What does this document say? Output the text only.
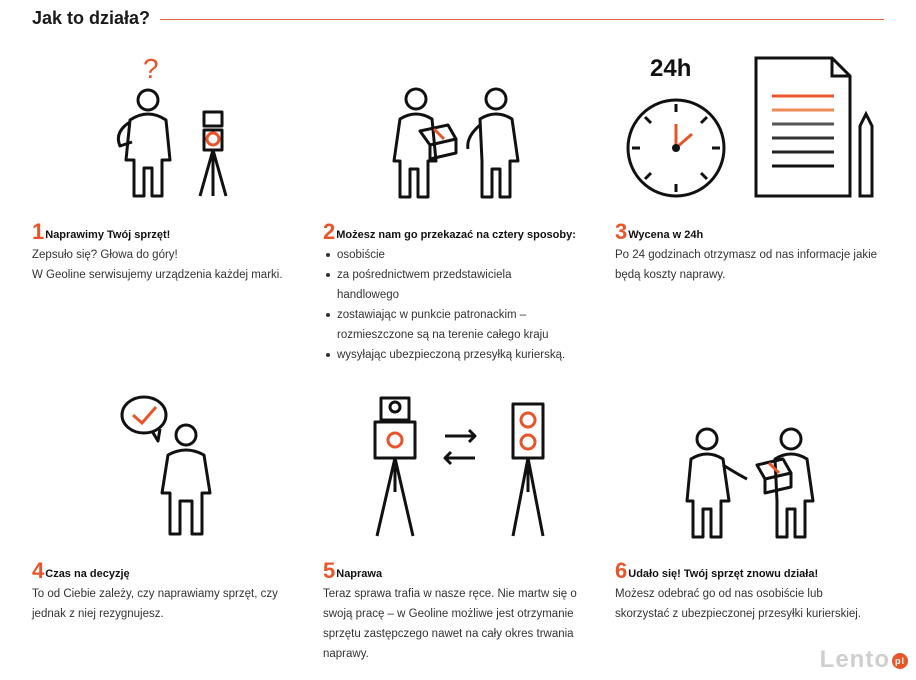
Jak to działa?
?	24h
1 Naprawimy Twój sprzęt!

Zepsuło się? Głowa do góry!
W Geoline serwisujemy urządzenia każdej marki.

2 Możesz nam go przekazać na cztery sposoby:
osobiście
za pośrednictwem przedstawiciela handlowego
zostawiając w punkcie patronackim – rozmieszczone są na terenie całego kraju
wysyłając ubezpieczoną przesyłką kurierską.
3 Wycena w 24h

Po 24 godzinach otrzymasz od nas informacje jakie będą koszty naprawy.

4 Czas na decyzję

To od Ciebie zależy, czy naprawiamy sprzęt, czy jednak z niej rezygnujesz.

5 Naprawa

Teraz sprawa trafia w nasze ręce. Nie martw się o swoją pracę – w Geoline możliwe jest otrzymanie sprzętu zastępczego nawet na cały okres trwania naprawy.

6 Udało się! Twój sprzęt znowu działa!

Możesz odebrać go od nas osobiście lub skorzystać z ubezpieczonej przesyłki kurierskiej.

Lento pl
